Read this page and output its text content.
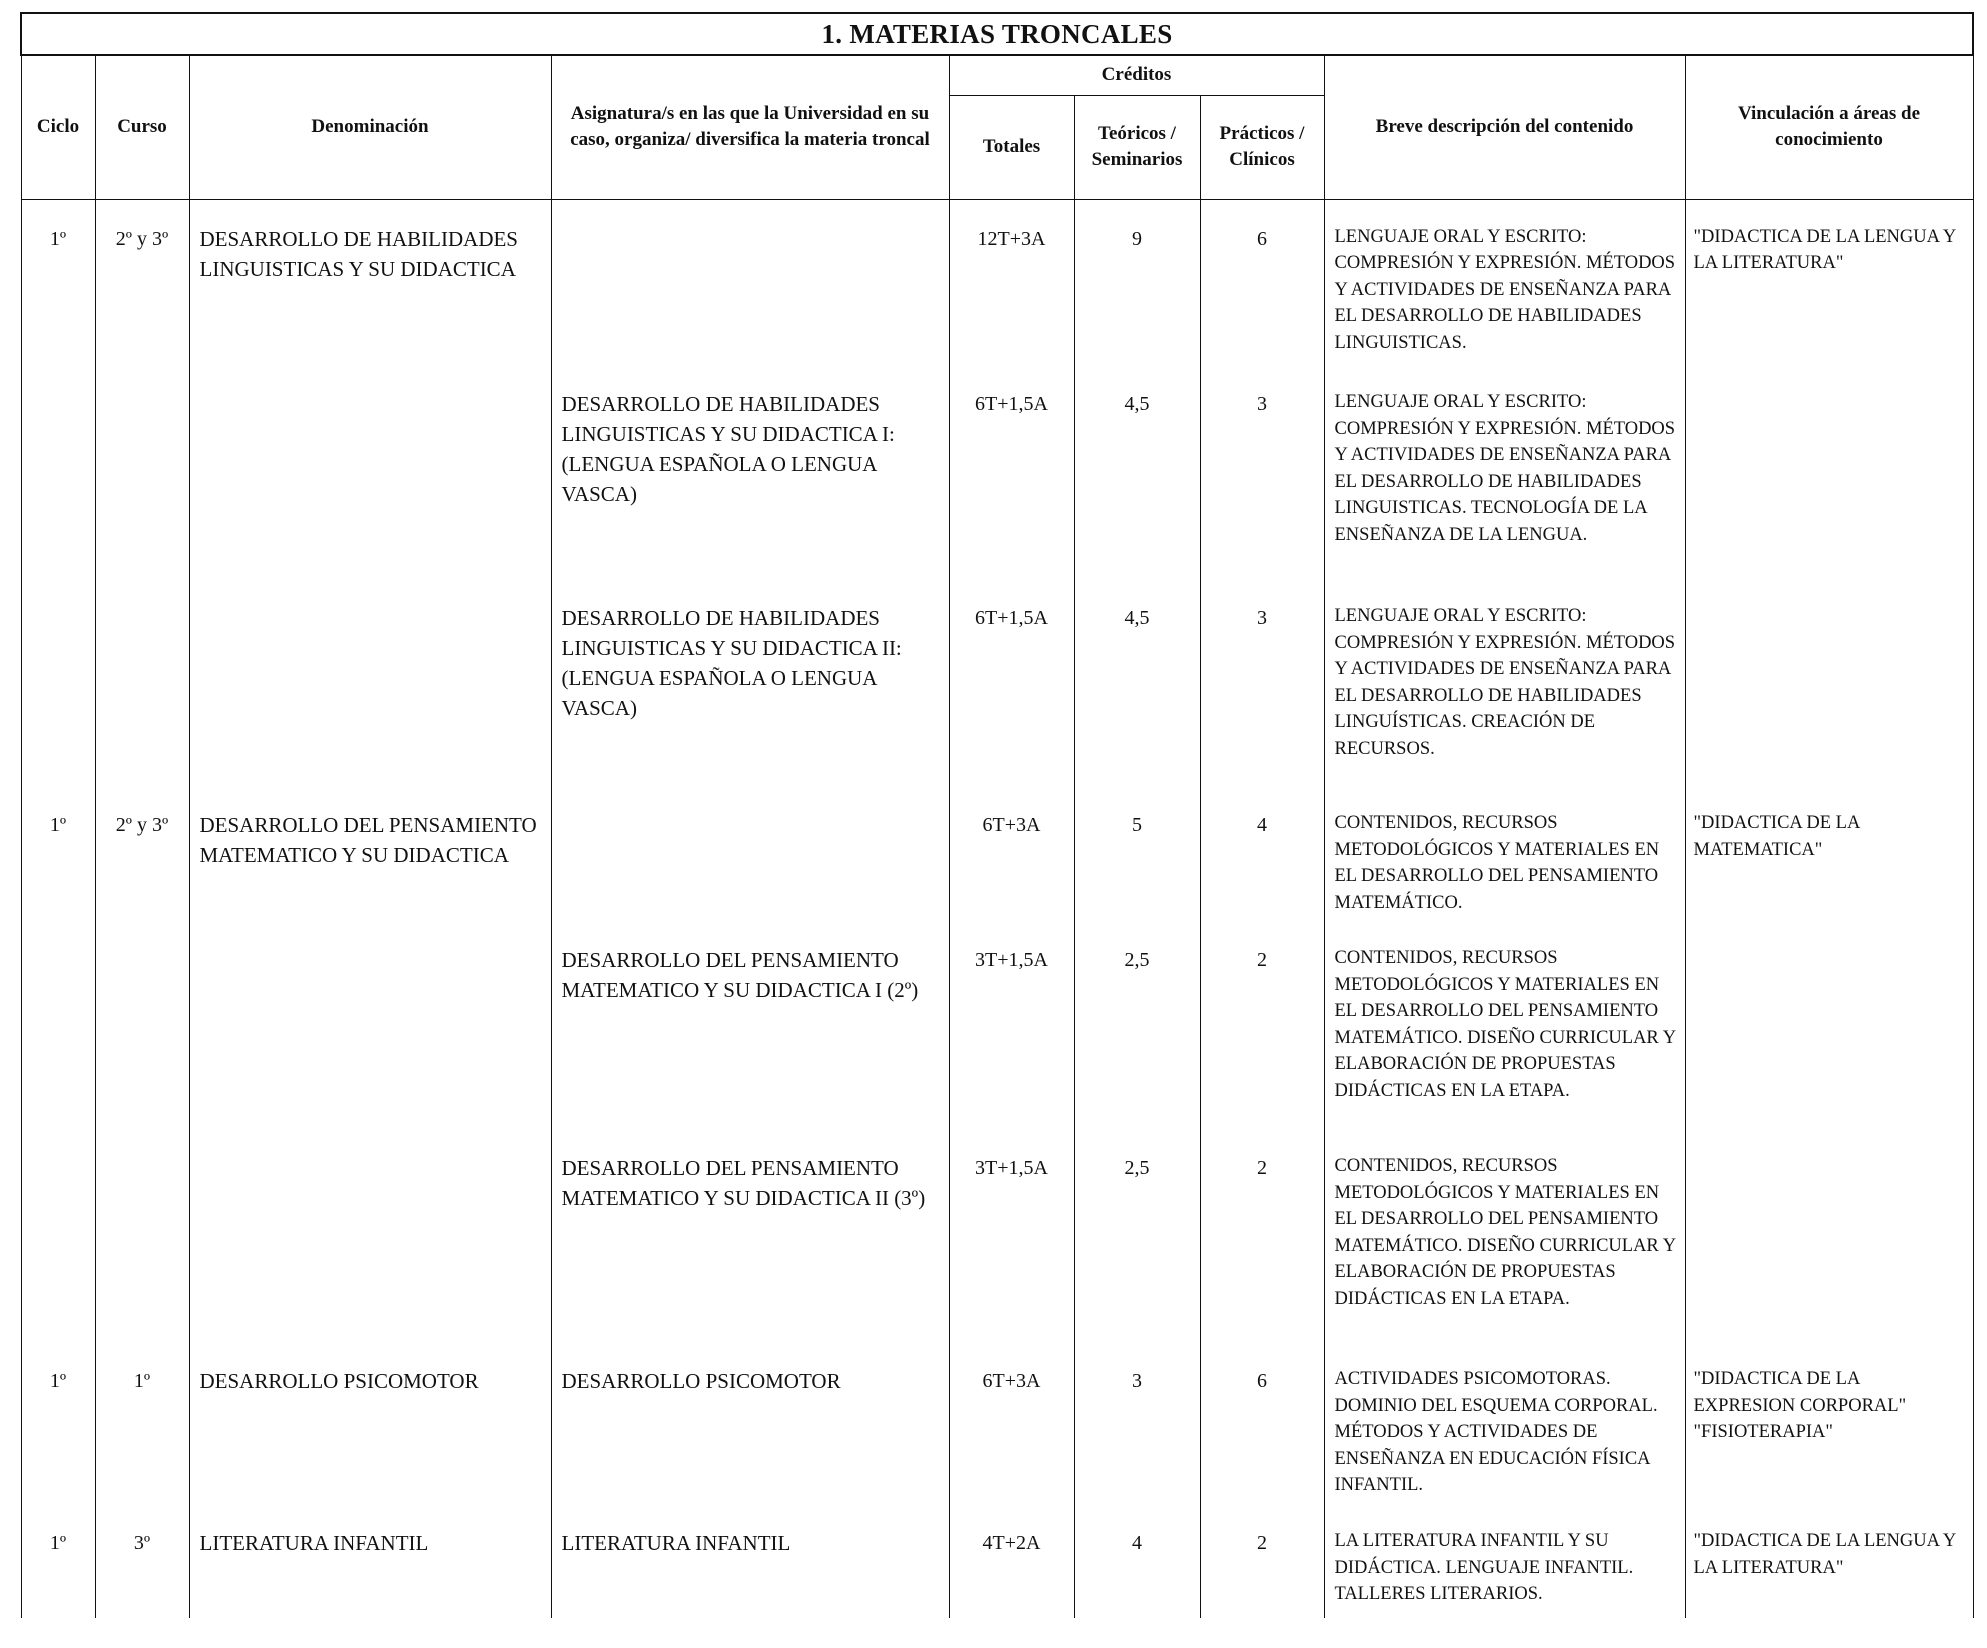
1. MATERIAS TRONCALES								
Ciclo	Curso	Denominación	Asignatura/s en las que la Universidad en su caso, organiza/ diversifica la materia troncal	Créditos			Breve descripción del contenido	Vinculación a áreas de conocimiento
				Totales	Teóricos / Seminarios	Prácticos / Clínicos		
1º	2º y 3º	DESARROLLO DE HABILIDADES LINGUISTICAS Y SU DIDACTICA		12T+3A	9	6	LENGUAJE ORAL Y ESCRITO: COMPRESIÓN Y EXPRESIÓN. MÉTODOS Y ACTIVIDADES DE ENSEÑANZA PARA EL DESARROLLO DE HABILIDADES LINGUISTICAS.	"DIDACTICA DE LA LENGUA Y LA LITERATURA"
			DESARROLLO DE HABILIDADES LINGUISTICAS Y SU DIDACTICA I: (LENGUA ESPAÑOLA O LENGUA VASCA)	6T+1,5A	4,5	3	LENGUAJE ORAL Y ESCRITO: COMPRESIÓN Y EXPRESIÓN. MÉTODOS Y ACTIVIDADES DE ENSEÑANZA PARA EL DESARROLLO DE HABILIDADES LINGUISTICAS. TECNOLOGÍA DE LA ENSEÑANZA DE LA LENGUA.	
			DESARROLLO DE HABILIDADES LINGUISTICAS Y SU DIDACTICA II: (LENGUA ESPAÑOLA O LENGUA VASCA)	6T+1,5A	4,5	3	LENGUAJE ORAL Y ESCRITO: COMPRESIÓN Y EXPRESIÓN. MÉTODOS Y ACTIVIDADES DE ENSEÑANZA PARA EL DESARROLLO DE HABILIDADES LINGUÍSTICAS. CREACIÓN DE RECURSOS.	
1º	2º y 3º	DESARROLLO DEL PENSAMIENTO MATEMATICO Y SU DIDACTICA		6T+3A	5	4	CONTENIDOS, RECURSOS METODOLÓGICOS Y MATERIALES EN EL DESARROLLO DEL PENSAMIENTO MATEMÁTICO.	"DIDACTICA DE LA MATEMATICA"
			DESARROLLO DEL PENSAMIENTO MATEMATICO Y SU DIDACTICA I (2º)	3T+1,5A	2,5	2	CONTENIDOS, RECURSOS METODOLÓGICOS Y MATERIALES EN EL DESARROLLO DEL PENSAMIENTO MATEMÁTICO. DISEÑO CURRICULAR Y ELABORACIÓN DE PROPUESTAS DIDÁCTICAS EN LA ETAPA.	
			DESARROLLO DEL PENSAMIENTO MATEMATICO Y SU DIDACTICA II (3º)	3T+1,5A	2,5	2	CONTENIDOS, RECURSOS METODOLÓGICOS Y MATERIALES EN EL DESARROLLO DEL PENSAMIENTO MATEMÁTICO. DISEÑO CURRICULAR Y ELABORACIÓN DE PROPUESTAS DIDÁCTICAS EN LA ETAPA.	
1º	1º	DESARROLLO PSICOMOTOR	DESARROLLO PSICOMOTOR	6T+3A	3	6	ACTIVIDADES PSICOMOTORAS. DOMINIO DEL ESQUEMA CORPORAL. MÉTODOS Y ACTIVIDADES DE ENSEÑANZA EN EDUCACIÓN FÍSICA INFANTIL.	"DIDACTICA DE LA EXPRESION CORPORAL" "FISIOTERAPIA"
1º	3º	LITERATURA INFANTIL	LITERATURA INFANTIL	4T+2A	4	2	LA LITERATURA INFANTIL Y SU DIDÁCTICA. LENGUAJE INFANTIL. TALLERES LITERARIOS.	"DIDACTICA DE LA LENGUA Y LA LITERATURA"
